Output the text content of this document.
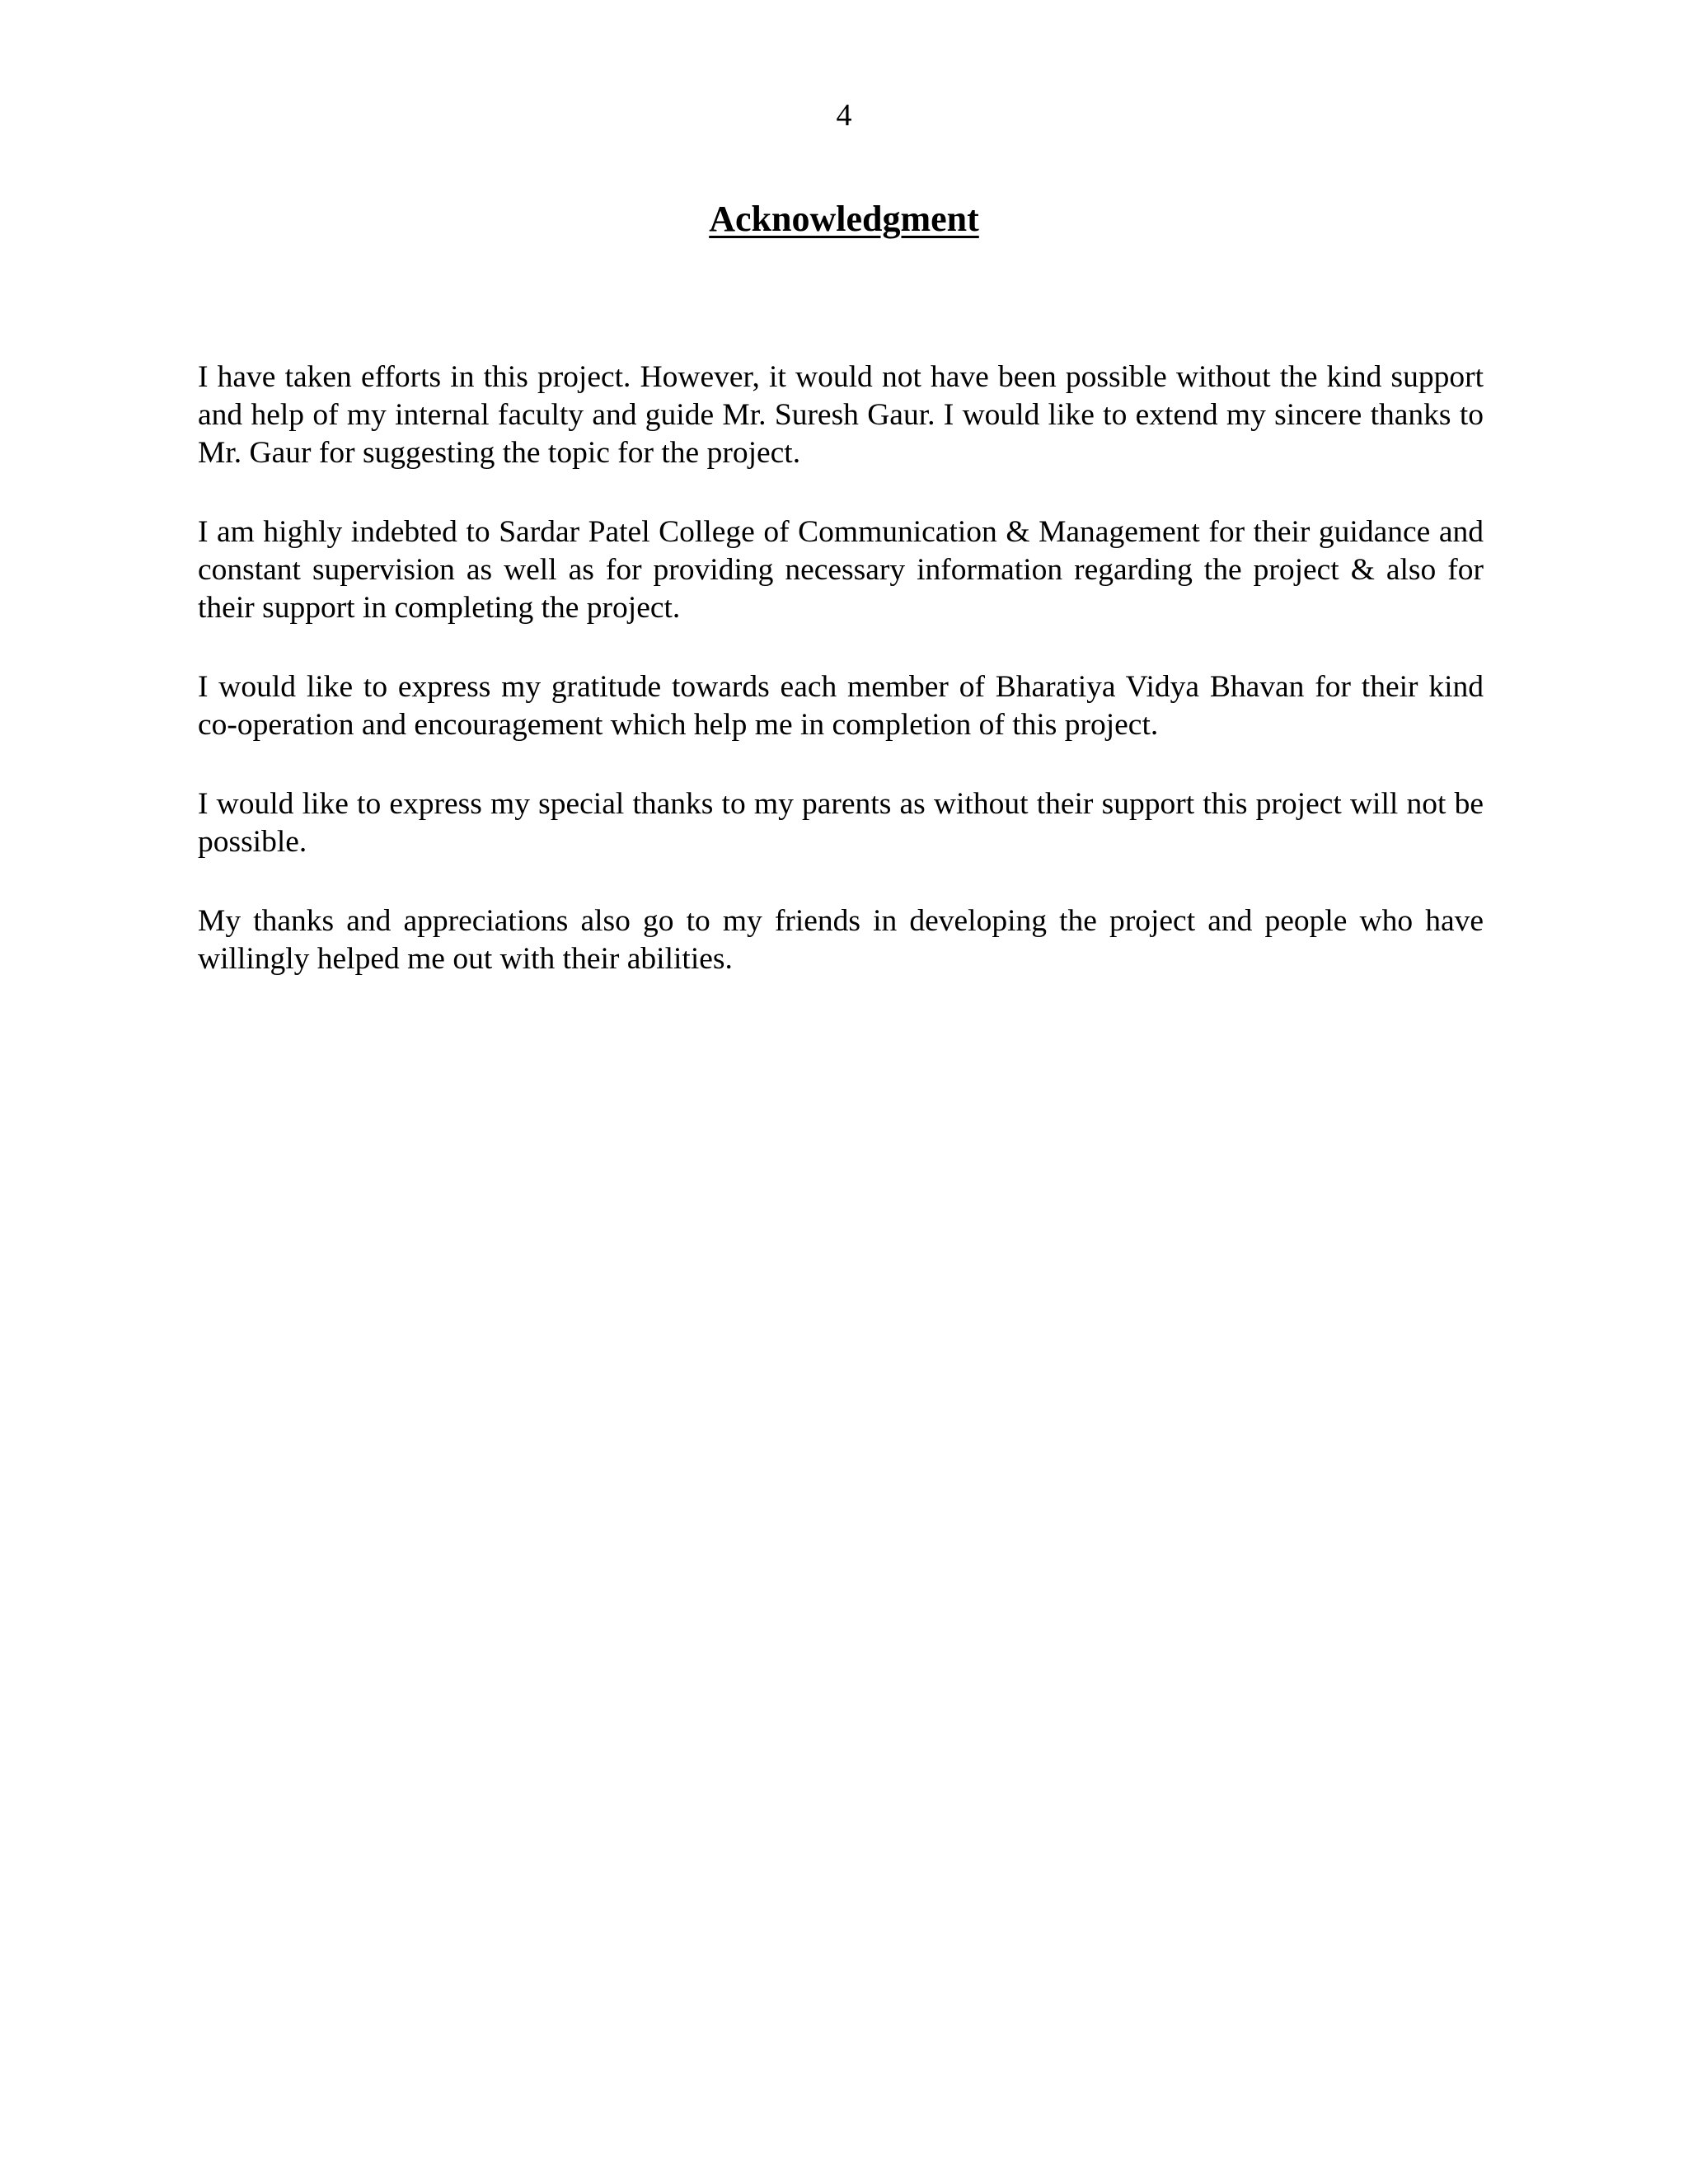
4
Acknowledgment

I have taken efforts in this project. However, it would not have been possible without the kind support and help of my internal faculty and guide Mr. Suresh Gaur. I would like to extend my sincere thanks to Mr. Gaur for suggesting the topic for the project.

I am highly indebted to Sardar Patel College of Communication & Management for their guidance and constant supervision as well as for providing necessary information regarding the project & also for their support in completing the project.

I would like to express my gratitude towards each member of Bharatiya Vidya Bhavan for their kind co-operation and encouragement which help me in completion of this project.

I would like to express my special thanks to my parents as without their support this project will not be possible.

My thanks and appreciations also go to my friends in developing the project and people who have willingly helped me out with their abilities.
